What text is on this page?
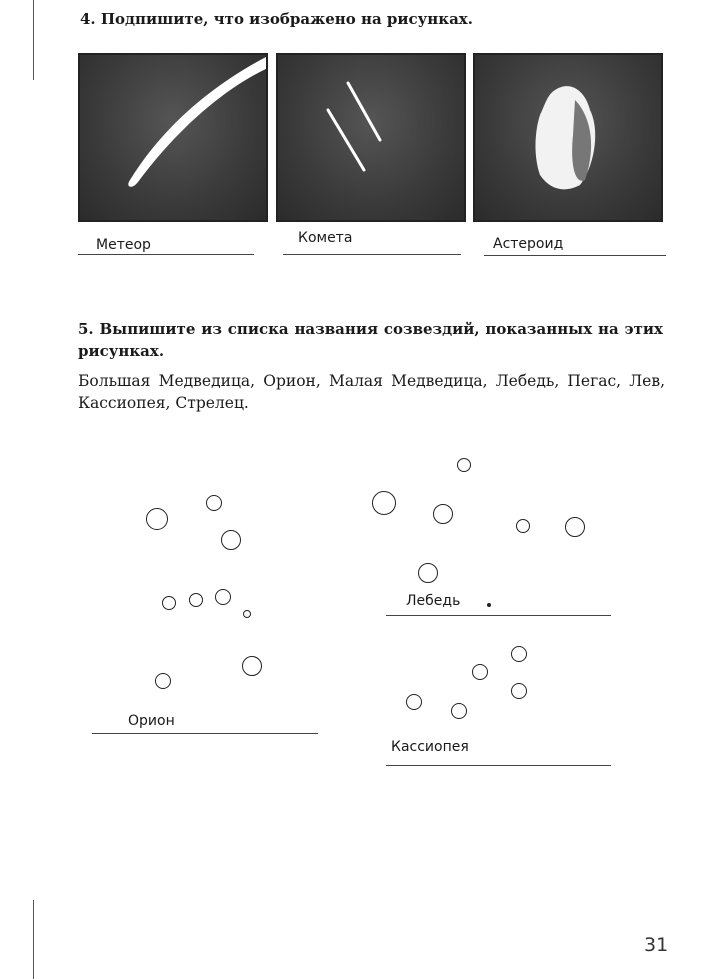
4. Подпишите, что изображено на рисунках.
Метеор	Комета	Астероид
5. Выпишите из списка названия созвездий, показанных на этих рисунках.
Большая Медведица, Орион, Малая Медведица, Лебедь, Пегас, Лев, Кассиопея, Стрелец.
Орион
Лебедь
Кассиопея
31
